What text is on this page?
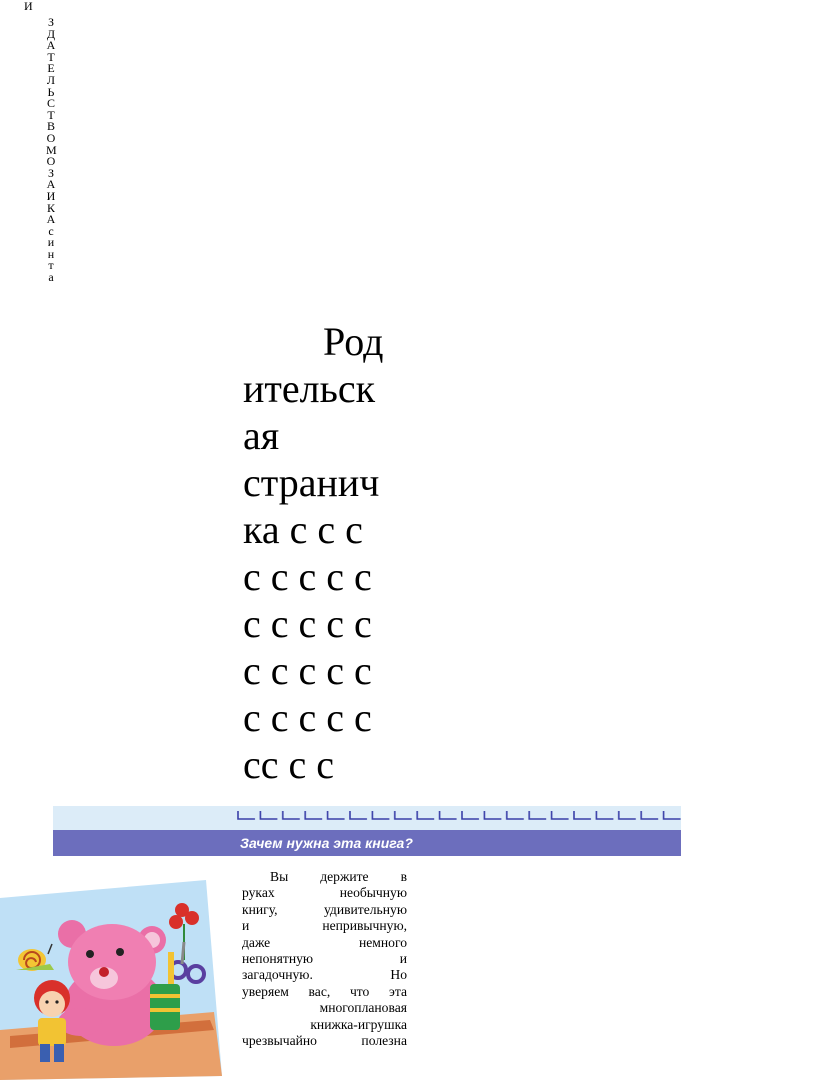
И
З
Д
А
Т
Е
Л
Ь
С
Т
В
О
М
О
З
А
И
К
А
с
и
н
т
а
Род
ительск
ая
странич
ка с с с
с с с с с
с с с с с
с с с с с
с с с с с
сс с с
Зачем нужна эта книга?
Вы держите в
руках необычную
книгу, удивительную
и непривычную,
даже немного
непонятную и
загадочную. Но
уверяем вас, что эта
многоплановая
книжка-игрушка
чрезвычайно полезна
